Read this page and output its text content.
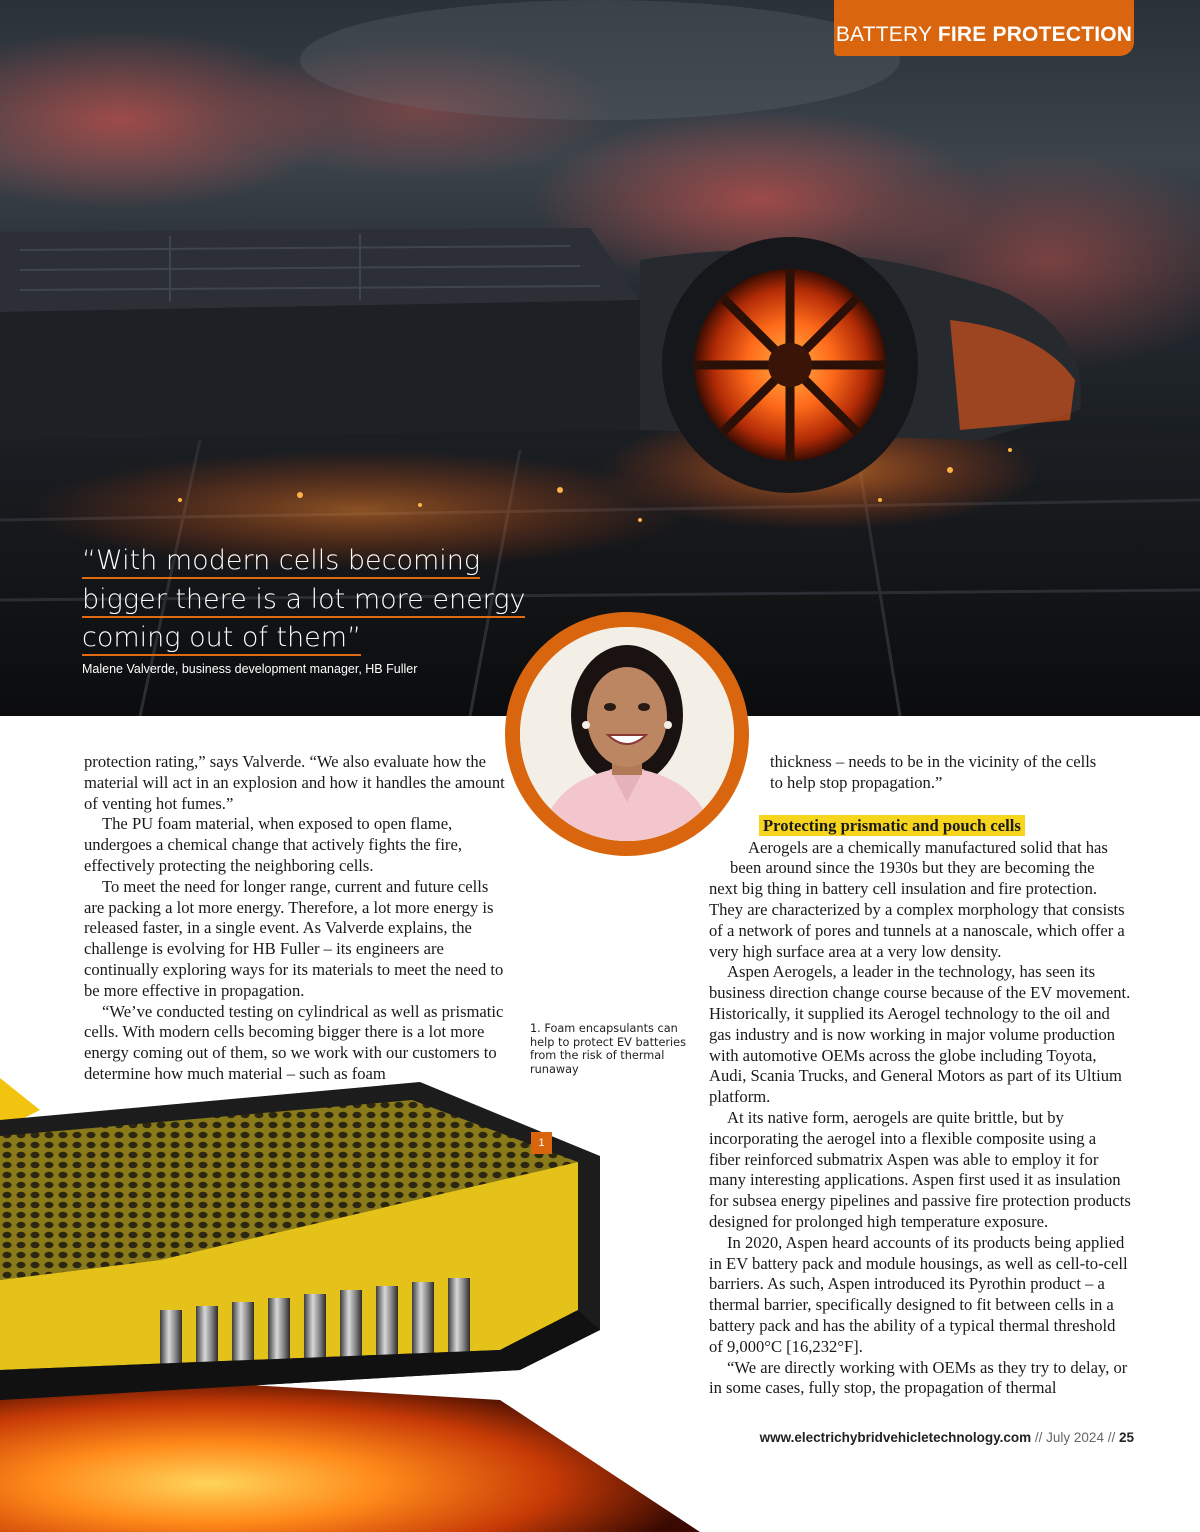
BATTERY FIRE PROTECTION
“With modern cells becoming
bigger there is a lot more energy
coming out of them”
Malene Valverde, business development manager, HB Fuller

protection rating,” says Valverde. “We also evaluate how the material will act in an explosion and how it handles the amount of venting hot fumes.”

The PU foam material, when exposed to open flame, undergoes a chemical change that actively fights the fire, effectively protecting the neighboring cells.

To meet the need for longer range, current and future cells are packing a lot more energy. Therefore, a lot more energy is released faster, in a single event. As Valverde explains, the challenge is evolving for HB Fuller – its engineers are continually exploring ways for its materials to meet the need to be more effective in propagation.

“We’ve conducted testing on cylindrical as well as prismatic cells. With modern cells becoming bigger there is a lot more energy coming out of them, so we work with our customers to determine how much material – such as foam

1. Foam encapsulants can help to protect EV batteries from the risk of thermal runaway
1

thickness – needs to be in the vicinity of the cells

to help stop propagation.”

Protecting prismatic and pouch cells

Aerogels are a chemically manufactured solid that has

been around since the 1930s but they are becoming the

next big thing in battery cell insulation and fire protection. They are characterized by a complex morphology that consists of a network of pores and tunnels at a nanoscale, which offer a very high surface area at a very low density.

Aspen Aerogels, a leader in the technology, has seen its business direction change course because of the EV movement. Historically, it supplied its Aerogel technology to the oil and gas industry and is now working in major volume production with automotive OEMs across the globe including Toyota, Audi, Scania Trucks, and General Motors as part of its Ultium platform.

At its native form, aerogels are quite brittle, but by incorporating the aerogel into a flexible composite using a fiber reinforced submatrix Aspen was able to employ it for many interesting applications. Aspen first used it as insulation for subsea energy pipelines and passive fire protection products designed for prolonged high temperature exposure.

In 2020, Aspen heard accounts of its products being applied in EV battery pack and module housings, as well as cell-to-cell barriers. As such, Aspen introduced its Pyrothin product – a thermal barrier, specifically designed to fit between cells in a battery pack and has the ability of a typical thermal threshold of 9,000°C [16,232°F].

“We are directly working with OEMs as they try to delay, or in some cases, fully stop, the propagation of thermal

www.electrichybridvehicletechnology.com // July 2024 // 25
